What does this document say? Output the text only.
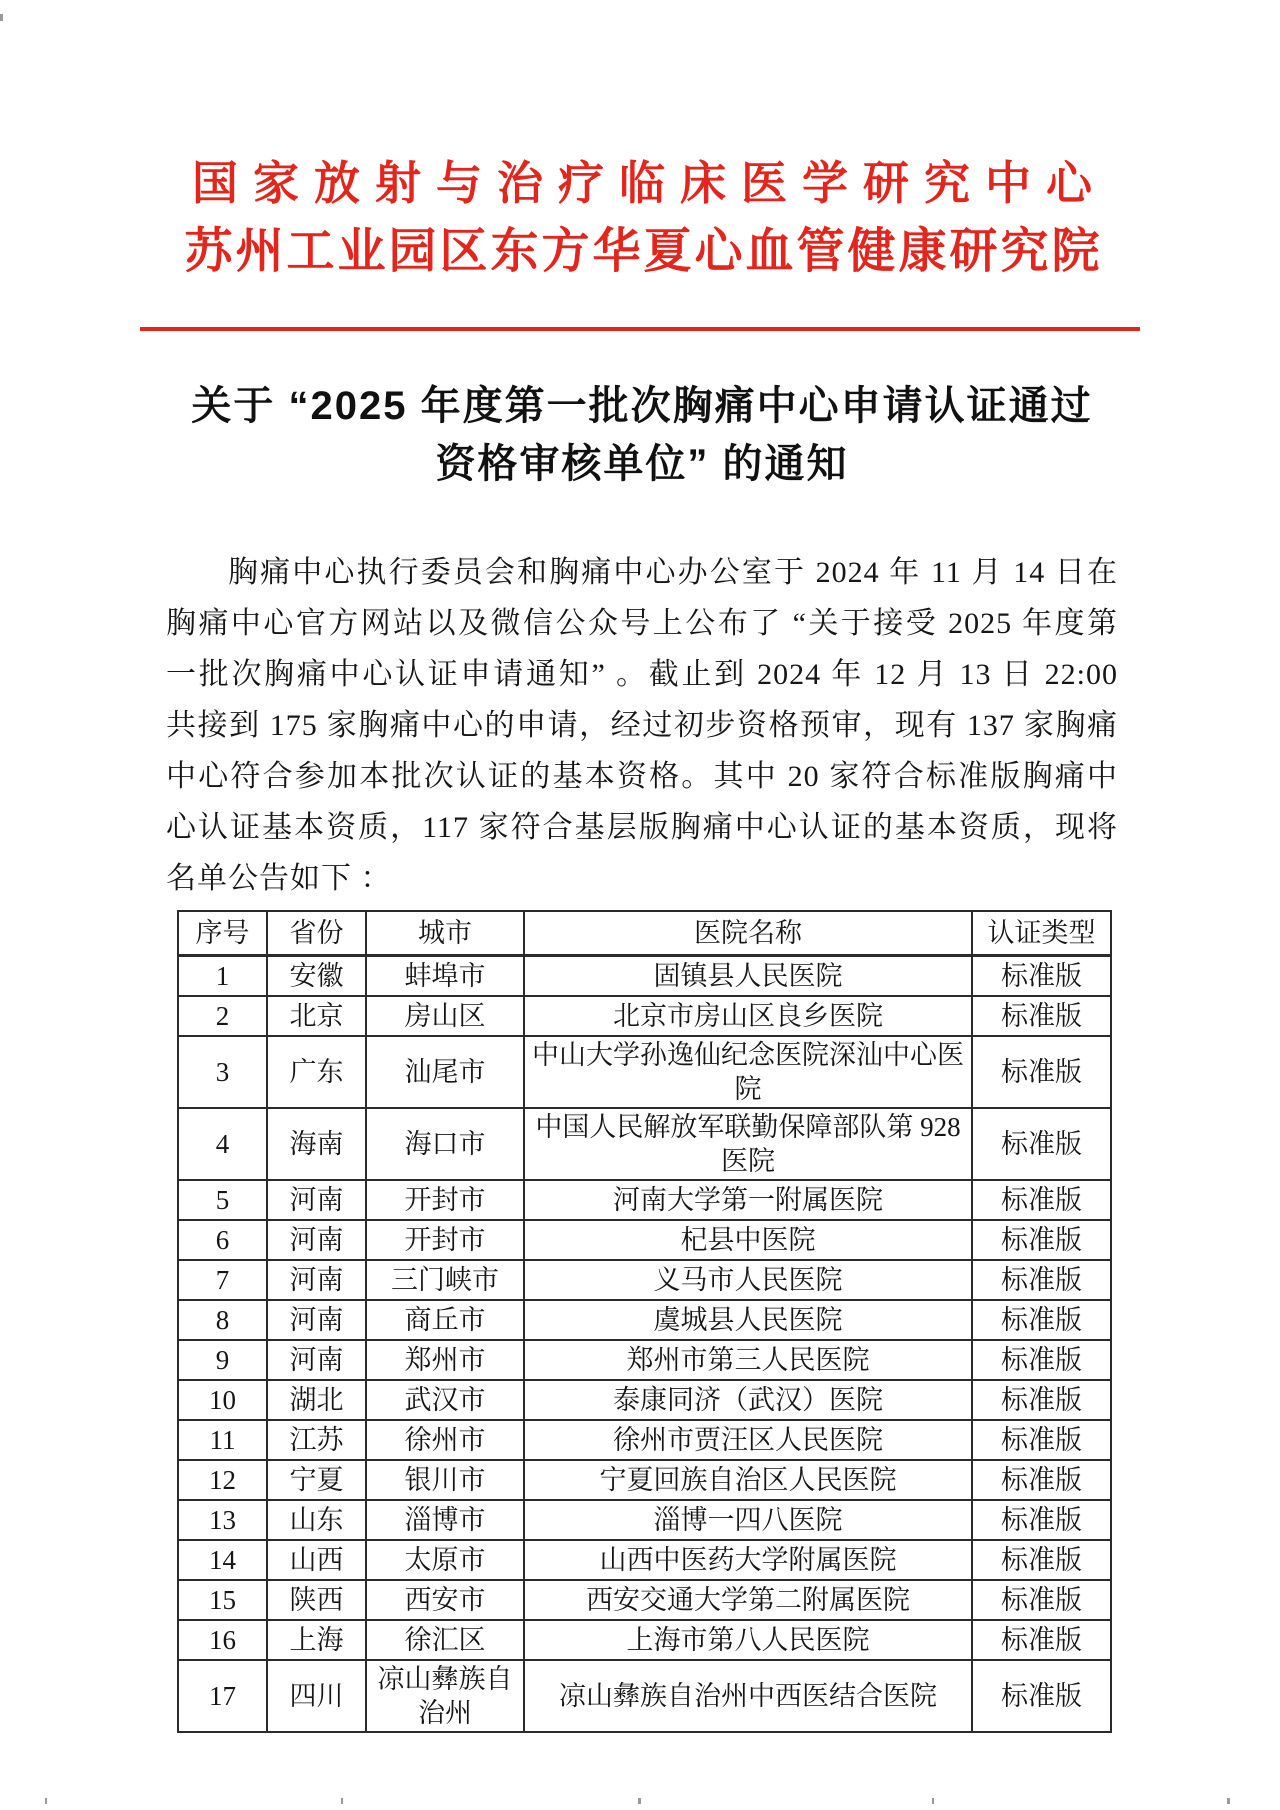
国家放射与治疗临床医学研究中心
苏州工业园区东方华夏心血管健康研究院
关于 “2025 年度第一批次胸痛中心申请认证通过
资格审核单位” 的通知
胸痛中心执行委员会和胸痛中心办公室于 2024 年 11 月 14 日在
胸痛中心官方网站以及微信公众号上公布了 “关于接受 2025 年度第
一批次胸痛中心认证申请通知” 。截止到 2024 年 12 月 13 日 22:00
共接到 175 家胸痛中心的申请，经过初步资格预审，现有 137 家胸痛
中心符合参加本批次认证的基本资格。其中 20 家符合标准版胸痛中
心认证基本资质，117 家符合基层版胸痛中心认证的基本资质，现将
名单公告如下 ：
序号	省份	城市	医院名称	认证类型
1	安徽	蚌埠市	固镇县人民医院	标准版
2	北京	房山区	北京市房山区良乡医院	标准版
3	广东	汕尾市	中山大学孙逸仙纪念医院深汕中心医院	标准版
4	海南	海口市	中国人民解放军联勤保障部队第 928 医院	标准版
5	河南	开封市	河南大学第一附属医院	标准版
6	河南	开封市	杞县中医院	标准版
7	河南	三门峡市	义马市人民医院	标准版
8	河南	商丘市	虞城县人民医院	标准版
9	河南	郑州市	郑州市第三人民医院	标准版
10	湖北	武汉市	泰康同济（武汉）医院	标准版
11	江苏	徐州市	徐州市贾汪区人民医院	标准版
12	宁夏	银川市	宁夏回族自治区人民医院	标准版
13	山东	淄博市	淄博一四八医院	标准版
14	山西	太原市	山西中医药大学附属医院	标准版
15	陕西	西安市	西安交通大学第二附属医院	标准版
16	上海	徐汇区	上海市第八人民医院	标准版
17	四川	凉山彝族自治州	凉山彝族自治州中西医结合医院	标准版
